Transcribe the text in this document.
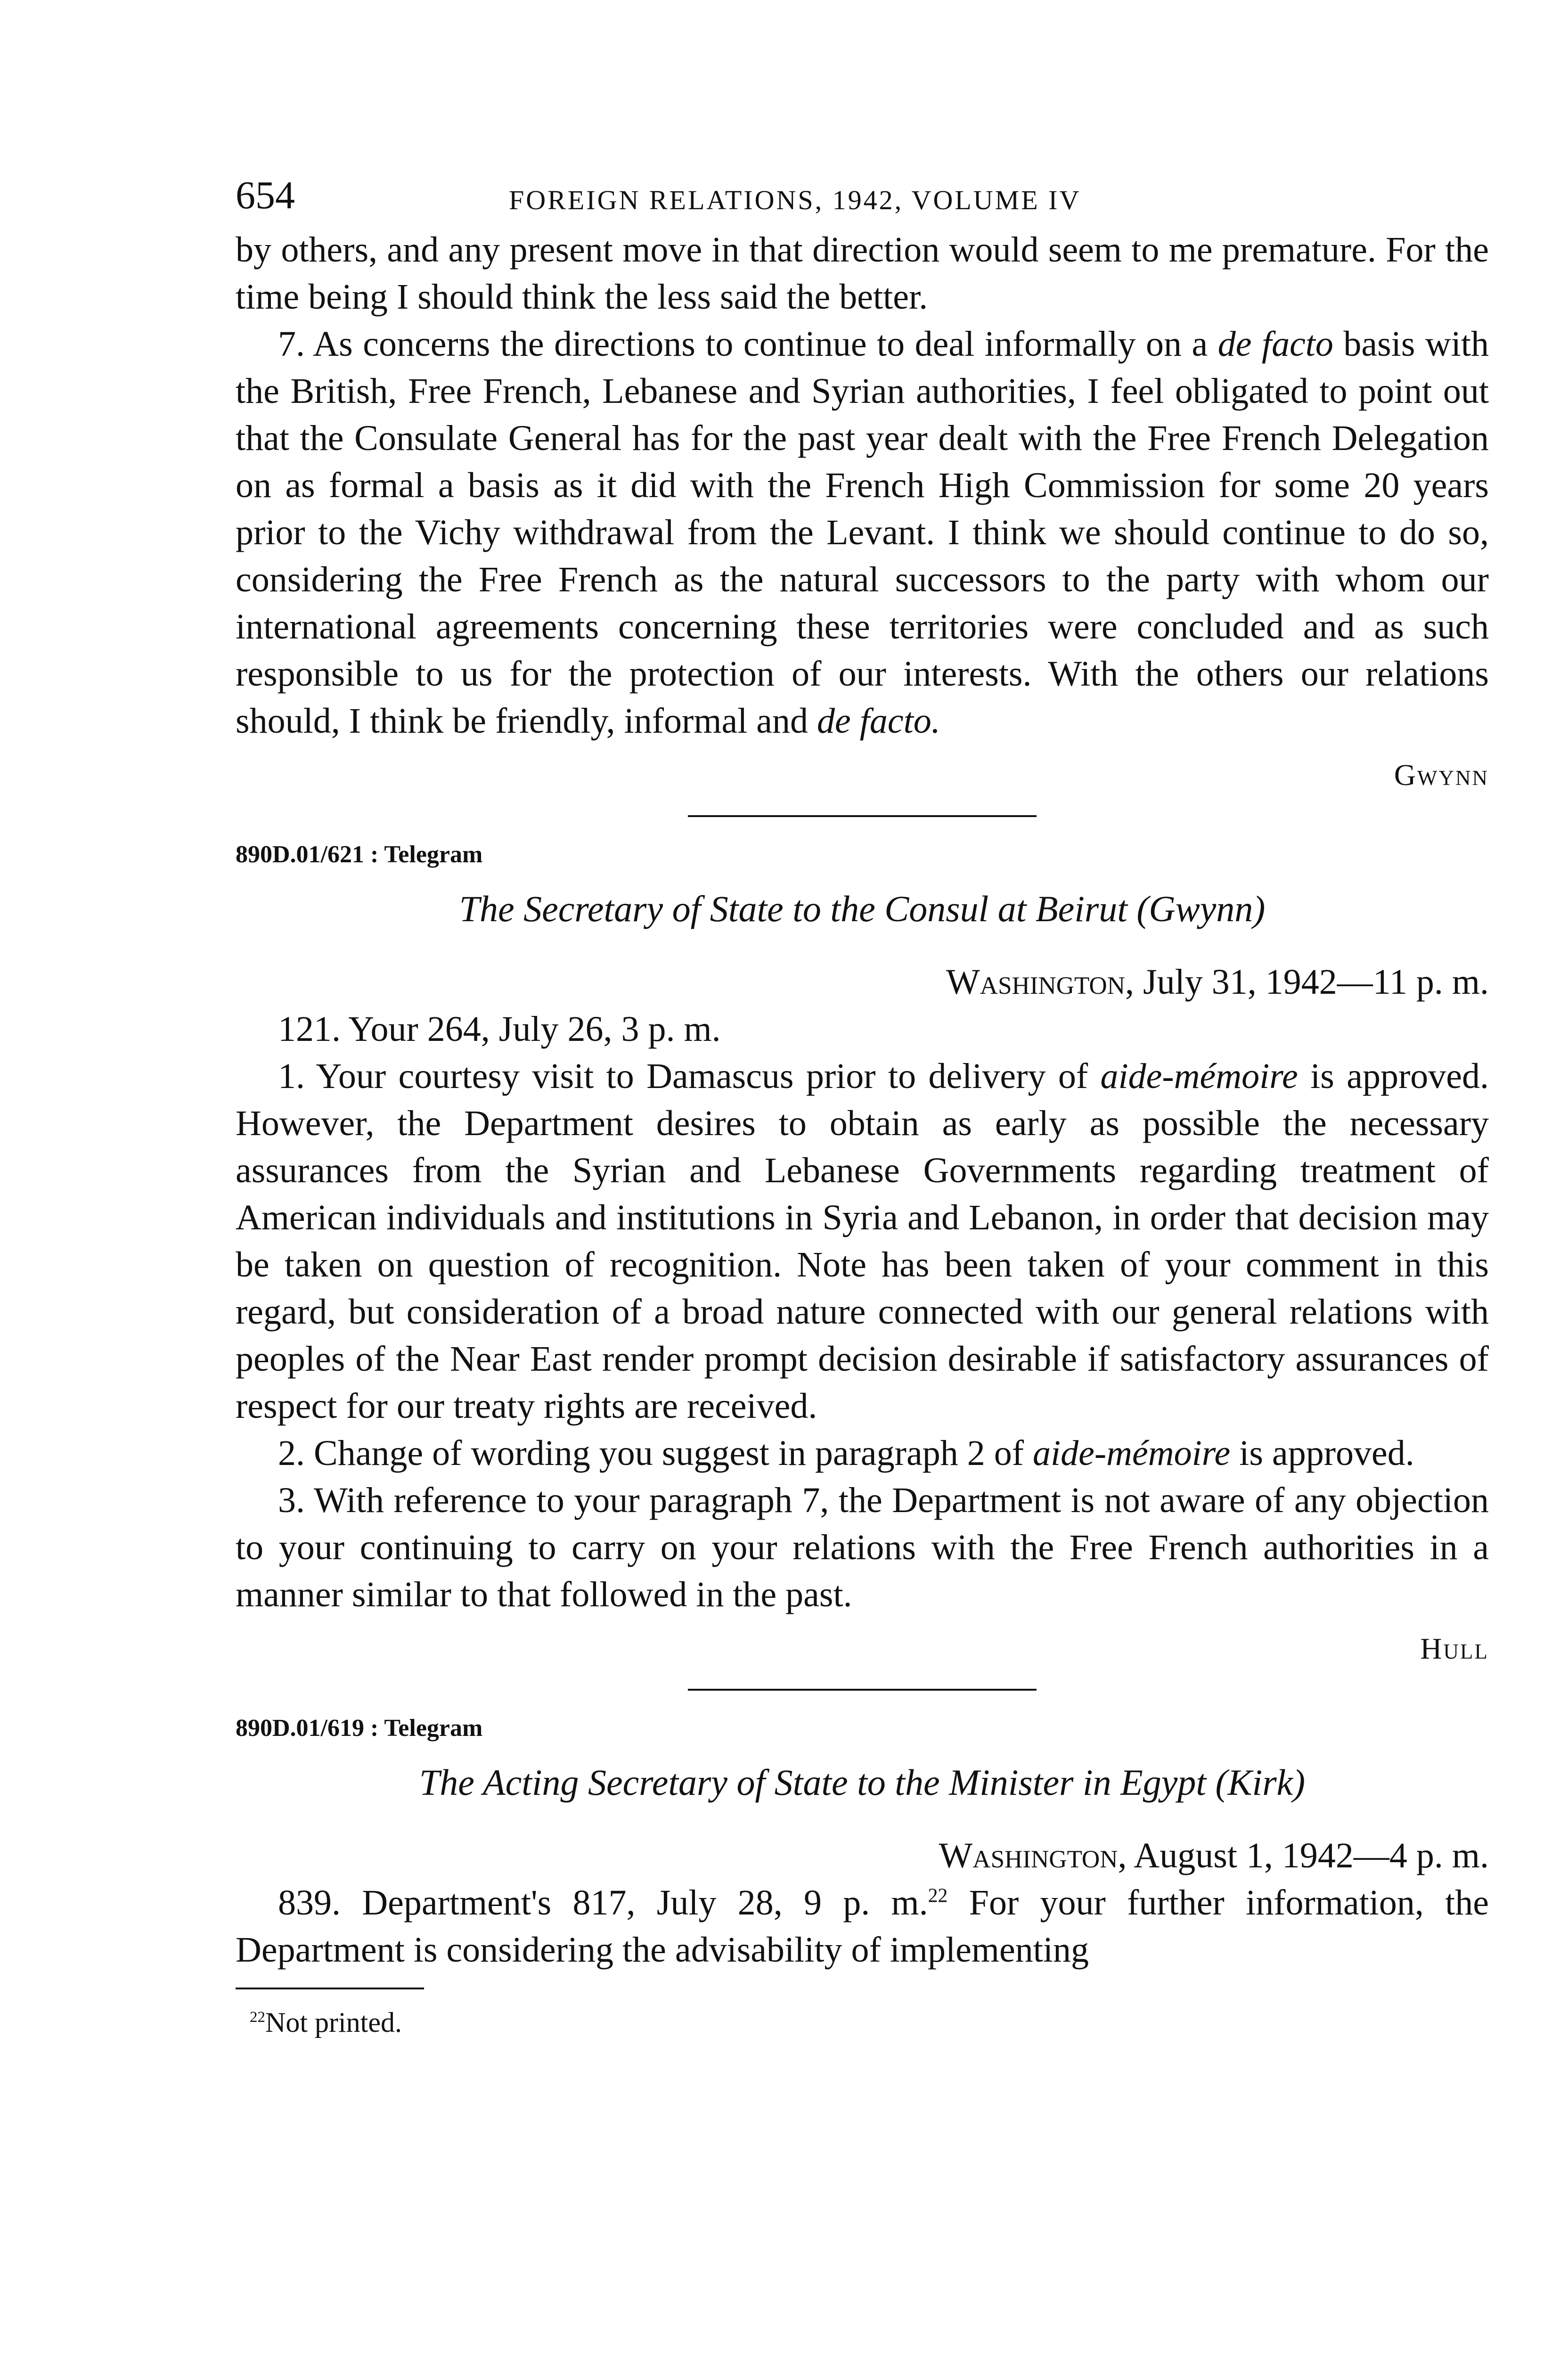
654	FOREIGN RELATIONS, 1942, VOLUME IV

by others, and any present move in that direction would seem to me premature. For the time being I should think the less said the better.

7. As concerns the directions to continue to deal informally on a de facto basis with the British, Free French, Lebanese and Syrian authorities, I feel obligated to point out that the Consulate General has for the past year dealt with the Free French Delegation on as formal a basis as it did with the French High Commission for some 20 years prior to the Vichy withdrawal from the Levant. I think we should continue to do so, considering the Free French as the natural successors to the party with whom our international agreements concerning these territories were concluded and as such responsible to us for the protection of our interests. With the others our relations should, I think be friendly, informal and de facto.

Gwynn
890D.01/621 : Telegram
The Secretary of State to the Consul at Beirut (Gwynn)
Washington, July 31, 1942—11 p. m.

121. Your 264, July 26, 3 p. m.

1. Your courtesy visit to Damascus prior to delivery of aide-mémoire is approved. However, the Department desires to obtain as early as possible the necessary assurances from the Syrian and Lebanese Governments regarding treatment of American individuals and institutions in Syria and Lebanon, in order that decision may be taken on question of recognition. Note has been taken of your comment in this regard, but consideration of a broad nature connected with our general relations with peoples of the Near East render prompt decision desirable if satisfactory assurances of respect for our treaty rights are received.

2. Change of wording you suggest in paragraph 2 of aide-mémoire is approved.

3. With reference to your paragraph 7, the Department is not aware of any objection to your continuing to carry on your relations with the Free French authorities in a manner similar to that followed in the past.

Hull
890D.01/619 : Telegram
The Acting Secretary of State to the Minister in Egypt (Kirk)
Washington, August 1, 1942—4 p. m.

839. Department's 817, July 28, 9 p. m.$^{22}$ For your further information, the Department is considering the advisability of implementing

$^{22}$Not printed.
